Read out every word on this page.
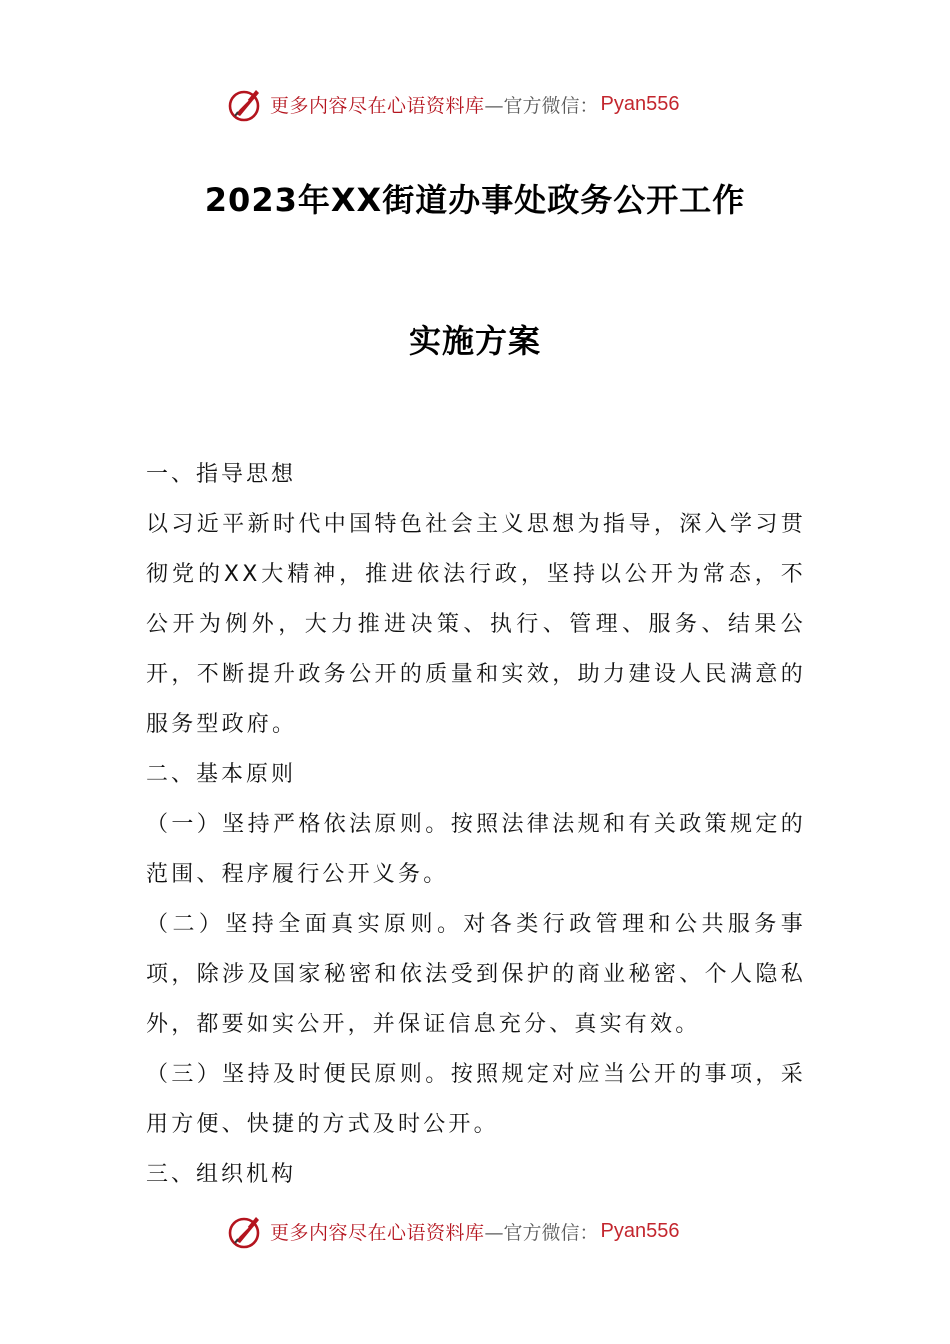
更多内容尽在心语资料库 —官方微信： Pyan556
2023年XX街道办事处政务公开工作
实施方案

一、指导思想

以习近平新时代中国特色社会主义思想为指导，深入学习贯彻党的XX大精神，推进依法行政，坚持以公开为常态，不公开为例外，大力推进决策、执行、管理、服务、结果公开，不断提升政务公开的质量和实效，助力建设人民满意的服务型政府。

二、基本原则

（一）坚持严格依法原则。按照法律法规和有关政策规定的范围、程序履行公开义务。

（二）坚持全面真实原则。对各类行政管理和公共服务事项，除涉及国家秘密和依法受到保护的商业秘密、个人隐私外，都要如实公开，并保证信息充分、真实有效。

（三）坚持及时便民原则。按照规定对应当公开的事项，采用方便、快捷的方式及时公开。

三、组织机构

更多内容尽在心语资料库 —官方微信： Pyan556
